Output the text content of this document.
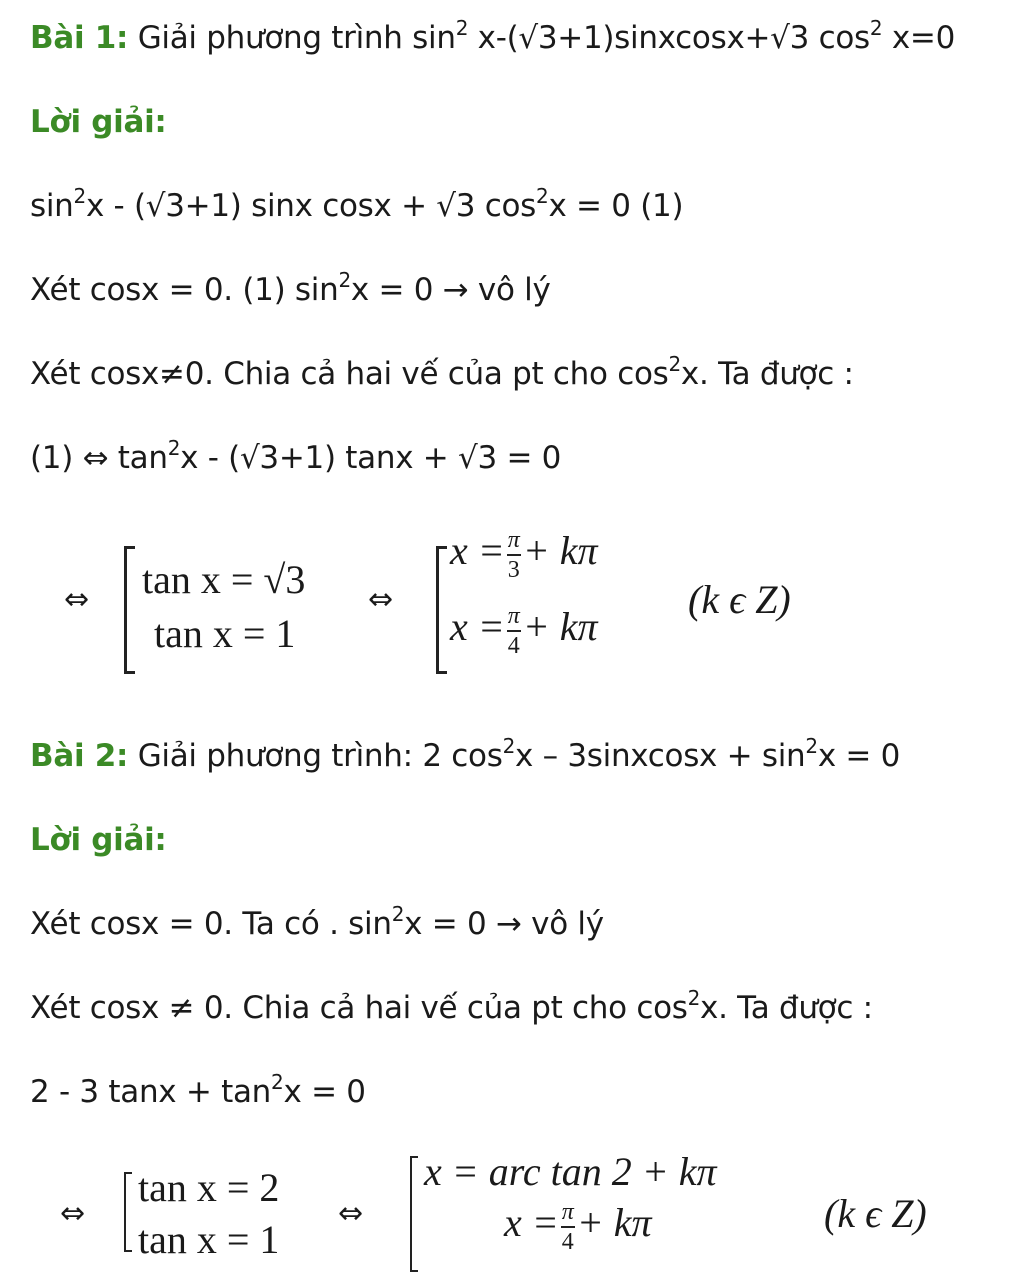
Bài 1: Giải phương trình $\sin^2$ x-(√3+1)sinxcosx+√3 $\cos^2 x=0$
Lời giải:
$\sin^2x - (√3+1)$ sinx cosx + √3 $\cos^2x = 0$ (1)
Xét cosx = 0. (1) $\sin^2x = 0$ → vô lý
Xét cosx≠0. Chia cả hai vế của pt cho $\cos^2x$. Ta được :
(1) ⇔ $\tan^2x - (√3+1) \tan x + √3 = 0$
⇔ tan x = √3
tan x = 1
⇔
$x = \frac{\pi}{3} + k\pi$
$x = \frac{\pi}{4} + k\pi$
(k ϵ Z)
Bài 2: Giải phương trình: 2 $\cos^2x$ – 3sinxcosx + $\sin^2x = 0$
Lời giải:
Xét cosx = 0. Ta có . $\sin^2x = 0$ → vô lý
Xét cosx ≠ 0. Chia cả hai vế của pt cho $\cos^2x$. Ta được :
2 - 3 $\tan x + \tan^2x = 0$
⇔
tan x = 2
tan x = 1
⇔
x = arc tan 2 + kπ
$x = \frac{\pi}{4} + k\pi$	(k ϵ Z)
